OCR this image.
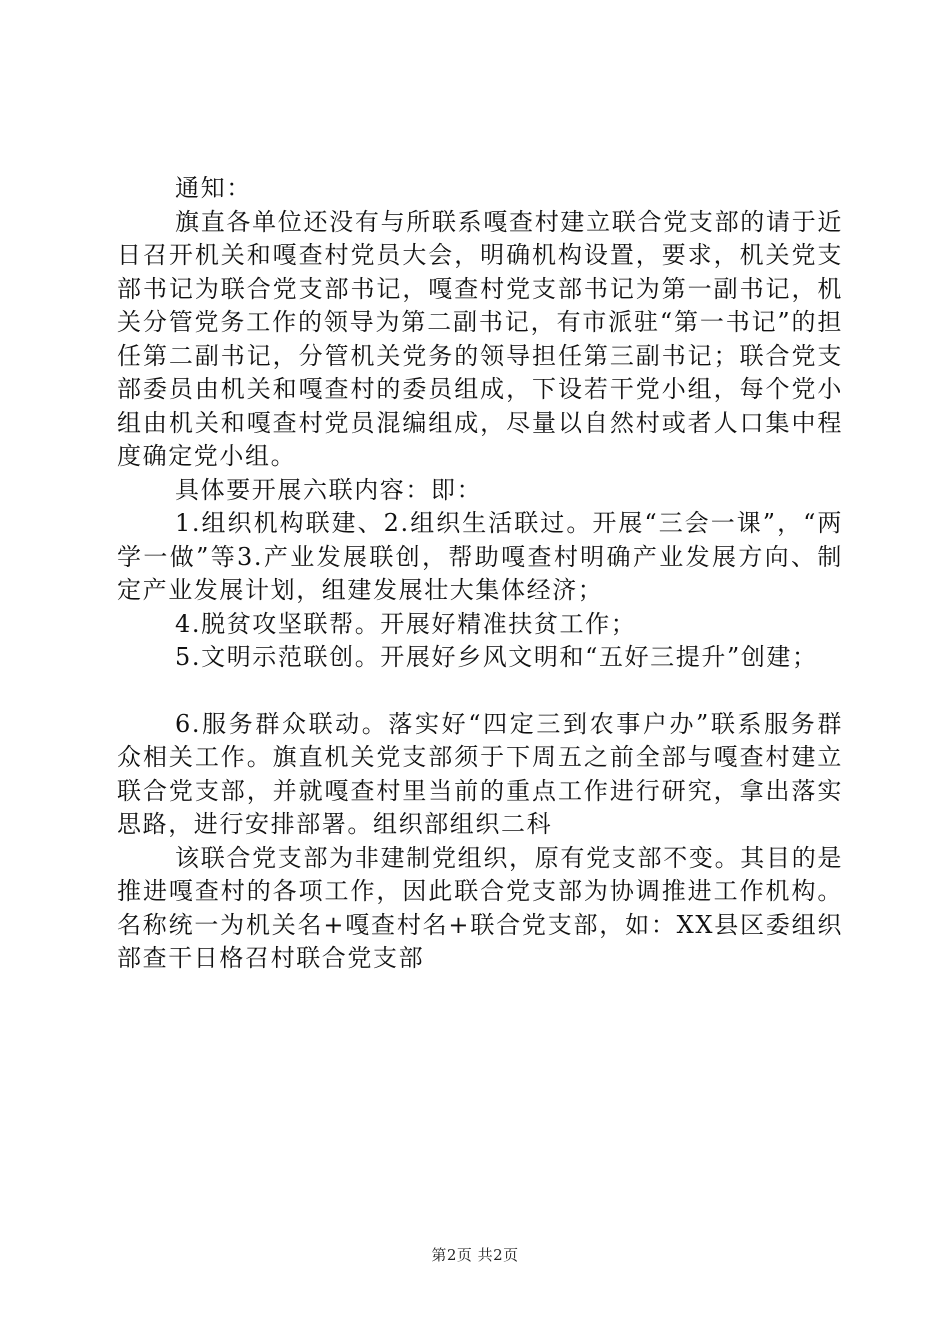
通知：

旗直各单位还没有与所联系嘎查村建立联合党支部的请于近日召开机关和嘎查村党员大会，明确机构设置，要求，机关党支部书记为联合党支部书记，嘎查村党支部书记为第一副书记，机关分管党务工作的领导为第二副书记，有市派驻“第一书记”的担任第二副书记，分管机关党务的领导担任第三副书记；联合党支部委员由机关和嘎查村的委员组成，下设若干党小组，每个党小组由机关和嘎查村党员混编组成，尽量以自然村或者人口集中程度确定党小组。

具体要开展六联内容：即：

1.组织机构联建、2.组织生活联过。开展“三会一课”，“两学一做”等3.产业发展联创，帮助嘎查村明确产业发展方向、制定产业发展计划，组建发展壮大集体经济；

4.脱贫攻坚联帮。开展好精准扶贫工作；

5.文明示范联创。开展好乡风文明和“五好三提升”创建；

6.服务群众联动。落实好“四定三到农事户办”联系服务群众相关工作。旗直机关党支部须于下周五之前全部与嘎查村建立联合党支部，并就嘎查村里当前的重点工作进行研究，拿出落实思路，进行安排部署。组织部组织二科

该联合党支部为非建制党组织，原有党支部不变。其目的是推进嘎查村的各项工作，因此联合党支部为协调推进工作机构。名称统一为机关名+嘎查村名+联合党支部，如：XX县区委组织部查干日格召村联合党支部

第2页 共2页
